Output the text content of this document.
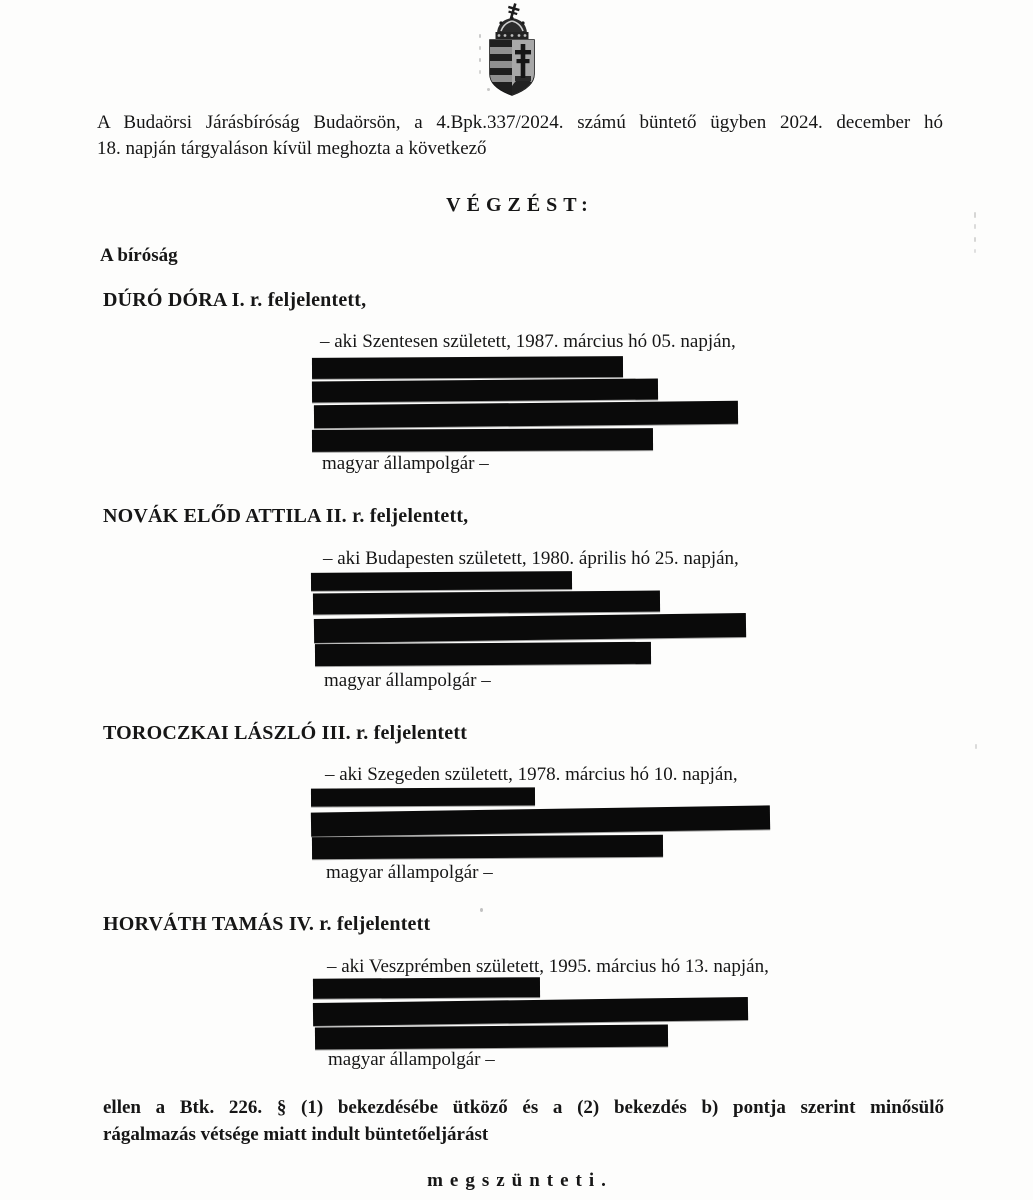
A Budaörsi Járásbíróság Budaörsön, a 4.Bpk.337/2024. számú büntető ügyben 2024. december hó
18. napján tárgyaláson kívül meghozta a következő
VÉGZÉST:
A bíróság
DÚRÓ DÓRA I. r. feljelentett,
– aki Szentesen született, 1987. március hó 05. napján,
magyar állampolgár –
NOVÁK ELŐD ATTILA II. r. feljelentett,
– aki Budapesten született, 1980. április hó 25. napján,
magyar állampolgár –
TOROCZKAI LÁSZLÓ III. r. feljelentett
– aki Szegeden született, 1978. március hó 10. napján,
magyar állampolgár –
HORVÁTH TAMÁS IV. r. feljelentett
– aki Veszprémben született, 1995. március hó 13. napján,
magyar állampolgár –
ellen a Btk. 226. § (1) bekezdésébe ütköző és a (2) bekezdés b) pontja szerint minősülő
rágalmazás vétsége miatt indult büntetőeljárást
megszünteti.
